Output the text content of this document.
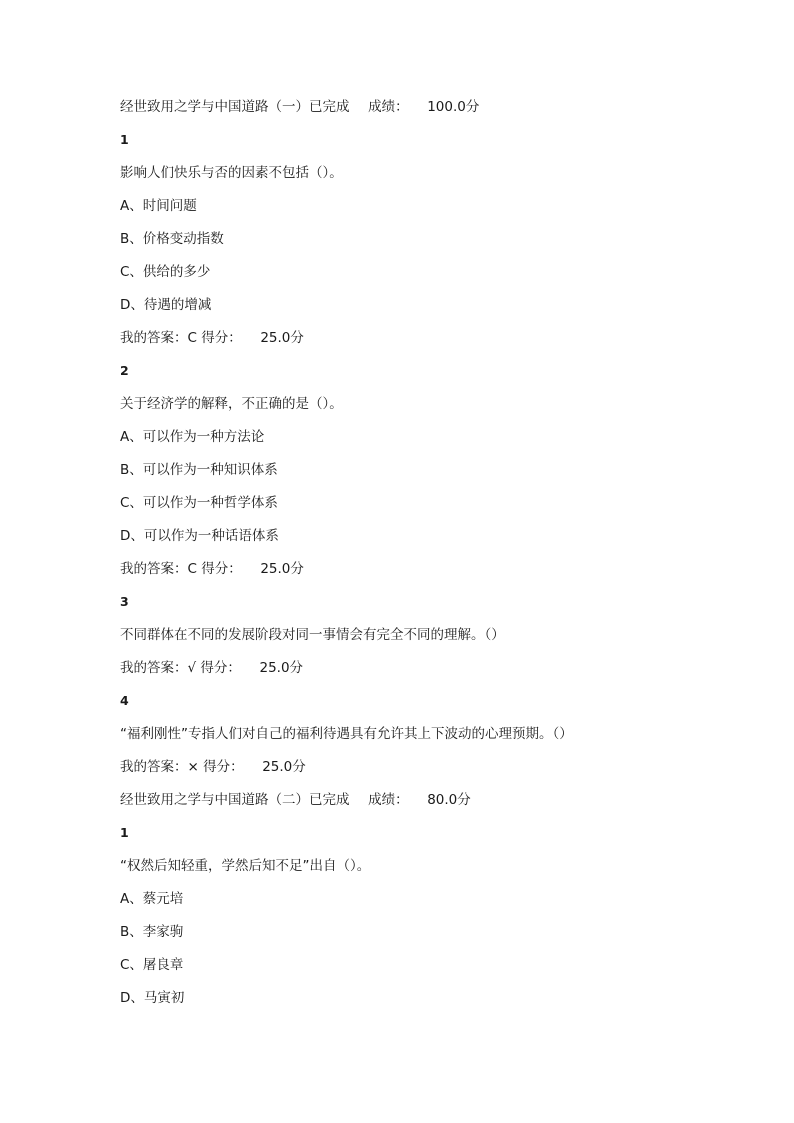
经世致用之学与中国道路（一）已完成 成绩： 100.0分
1
影响人们快乐与否的因素不包括（）。
A、时间问题
B、价格变动指数
C、供给的多少
D、待遇的增减
我的答案：C 得分： 25.0分
2
关于经济学的解释，不正确的是（）。
A、可以作为一种方法论
B、可以作为一种知识体系
C、可以作为一种哲学体系
D、可以作为一种话语体系
我的答案：C 得分： 25.0分
3
不同群体在不同的发展阶段对同一事情会有完全不同的理解。（）
我的答案：√ 得分： 25.0分
4
“福利刚性”专指人们对自己的福利待遇具有允许其上下波动的心理预期。（）
我的答案：× 得分： 25.0分
经世致用之学与中国道路（二）已完成 成绩： 80.0分
1
“权然后知轻重，学然后知不足”出自（）。
A、蔡元培
B、李家驹
C、屠良章
D、马寅初
